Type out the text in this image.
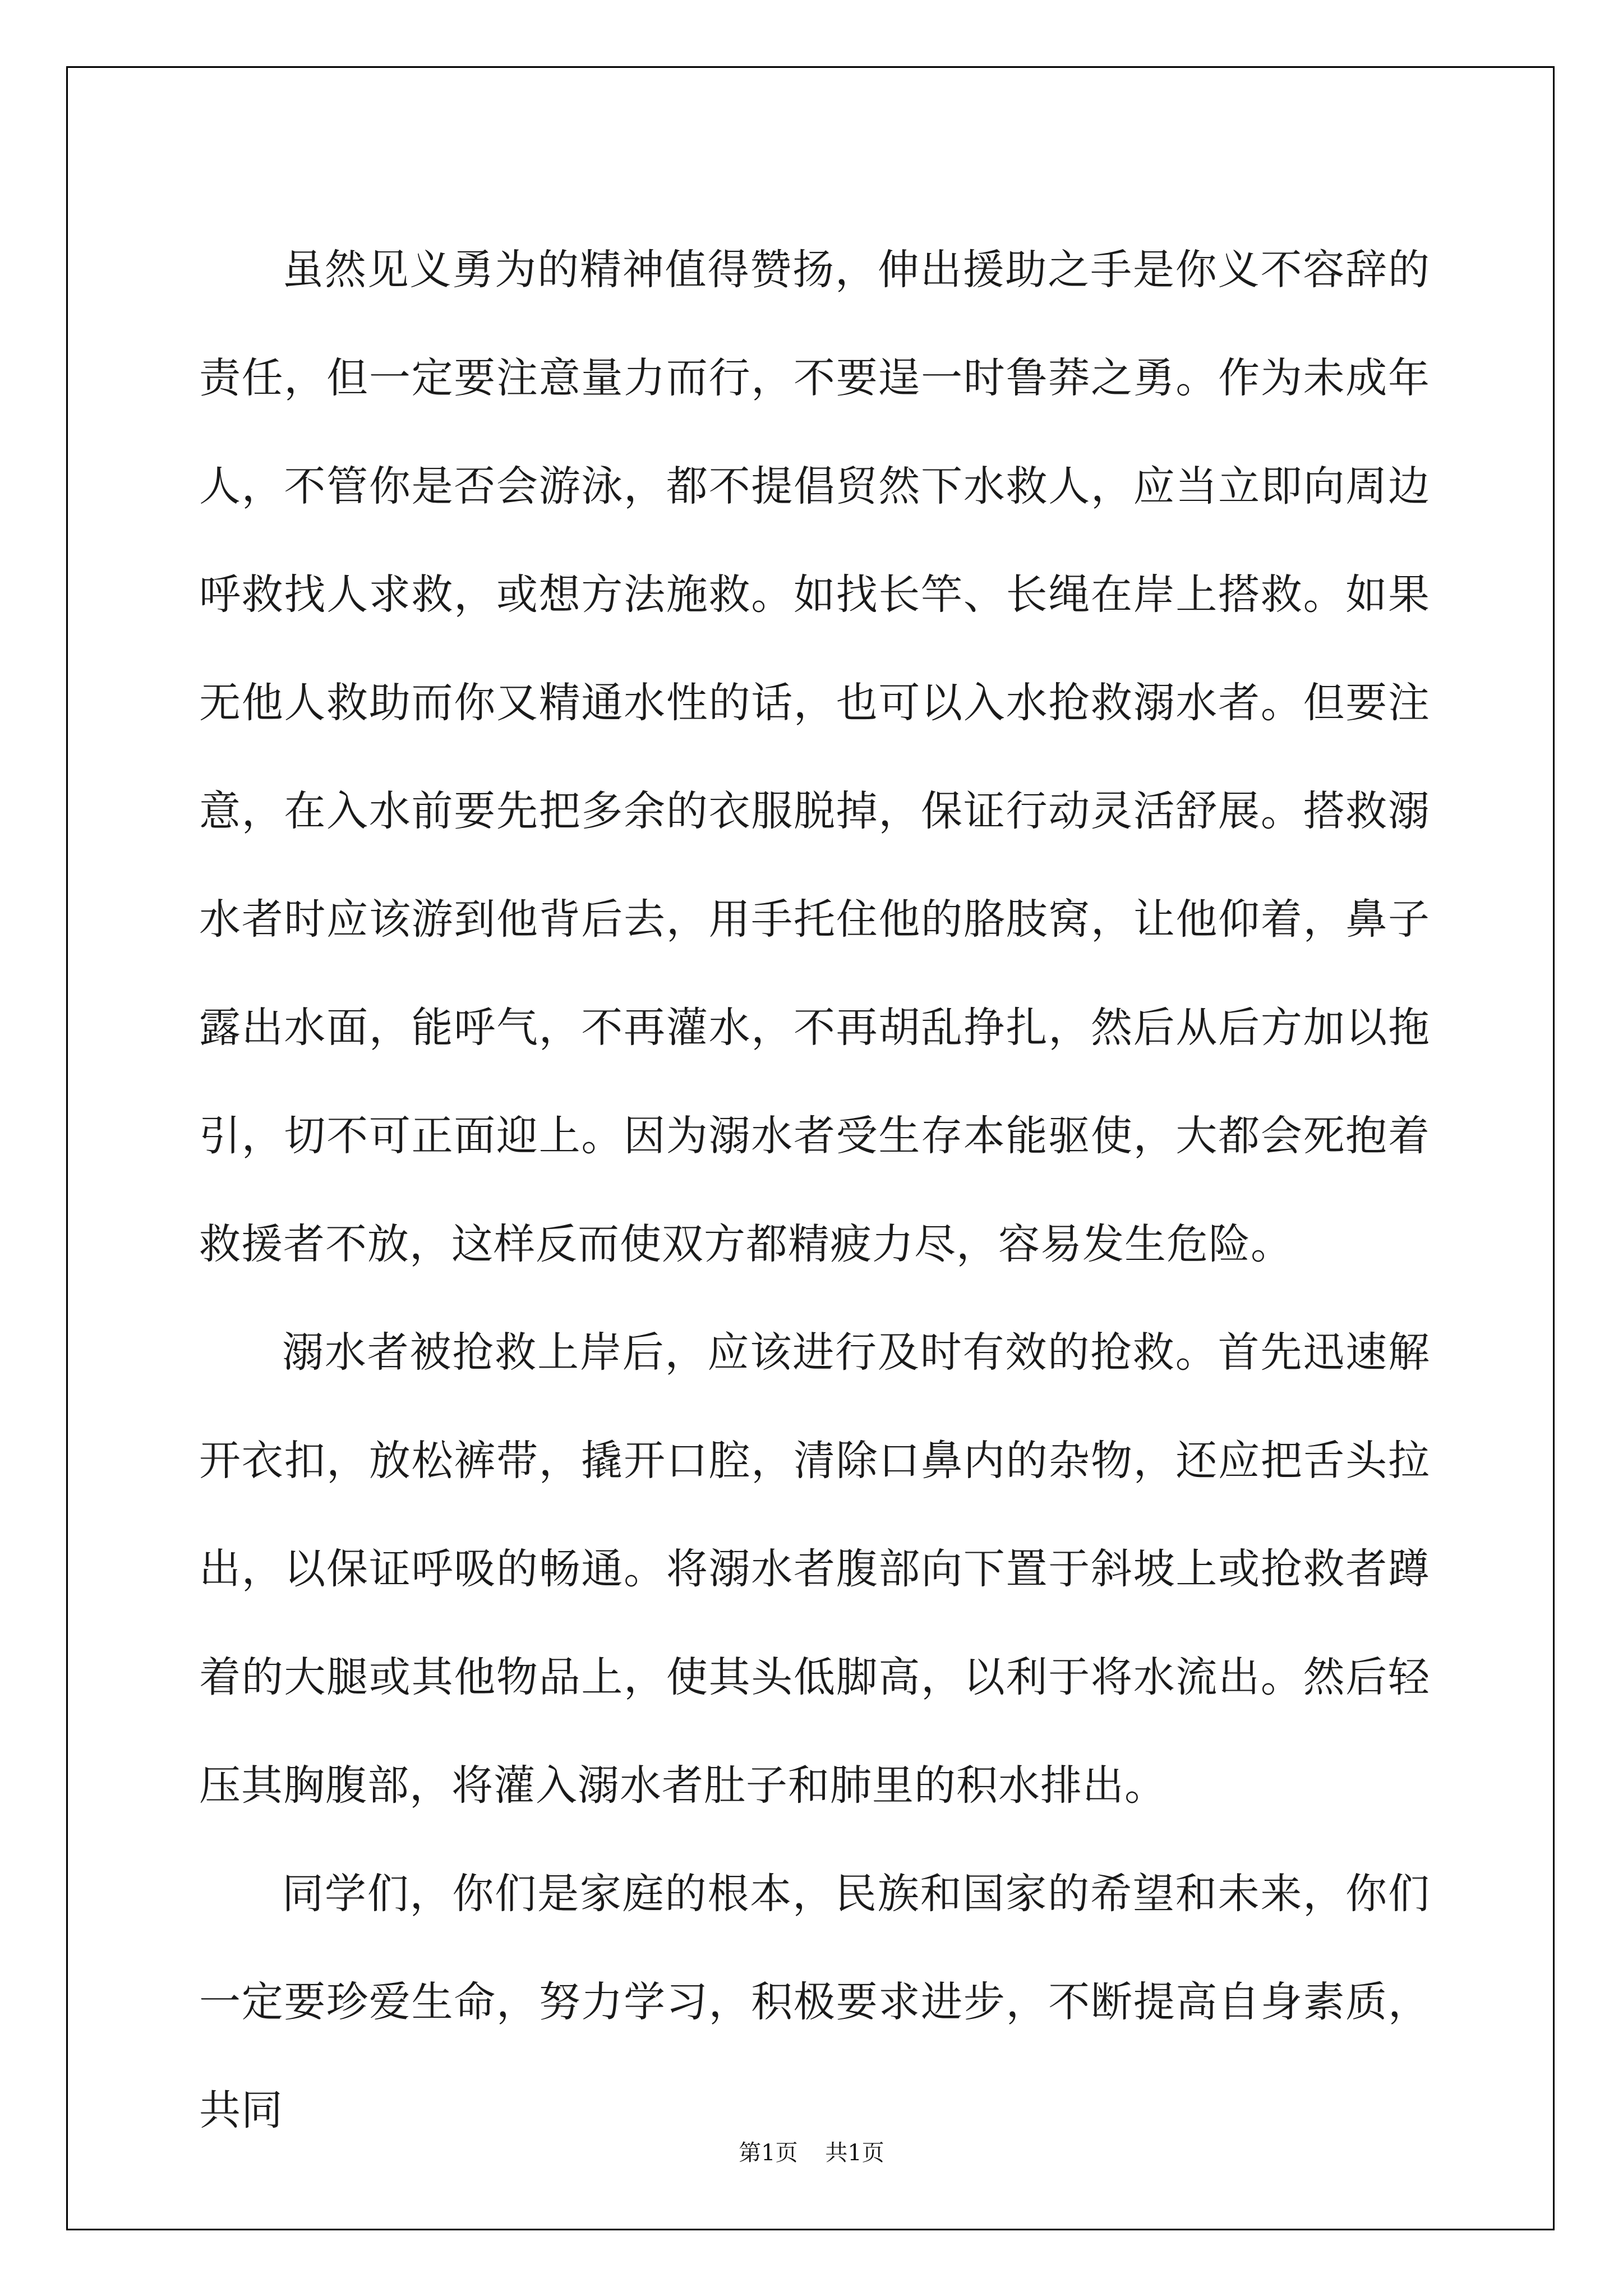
虽然见义勇为的精神值得赞扬，伸出援助之手是你义不容辞的责任，但一定要注意量力而行，不要逞一时鲁莽之勇。作为未成年人，不管你是否会游泳，都不提倡贸然下水救人，应当立即向周边呼救找人求救，或想方法施救。如找长竿、长绳在岸上搭救。如果无他人救助而你又精通水性的话，也可以入水抢救溺水者。但要注意，在入水前要先把多余的衣服脱掉，保证行动灵活舒展。搭救溺水者时应该游到他背后去，用手托住他的胳肢窝，让他仰着，鼻子露出水面，能呼气，不再灌水，不再胡乱挣扎，然后从后方加以拖引，切不可正面迎上。因为溺水者受生存本能驱使，大都会死抱着救援者不放，这样反而使双方都精疲力尽，容易发生危险。

溺水者被抢救上岸后，应该进行及时有效的抢救。首先迅速解开衣扣，放松裤带，撬开口腔，清除口鼻内的杂物，还应把舌头拉出，以保证呼吸的畅通。将溺水者腹部向下置于斜坡上或抢救者蹲着的大腿或其他物品上，使其头低脚高，以利于将水流出。然后轻压其胸腹部，将灌入溺水者肚子和肺里的积水排出。

同学们，你们是家庭的根本，民族和国家的希望和未来，你们一定要珍爱生命，努力学习，积极要求进步，不断提高自身素质，共同

第1页 共1页
